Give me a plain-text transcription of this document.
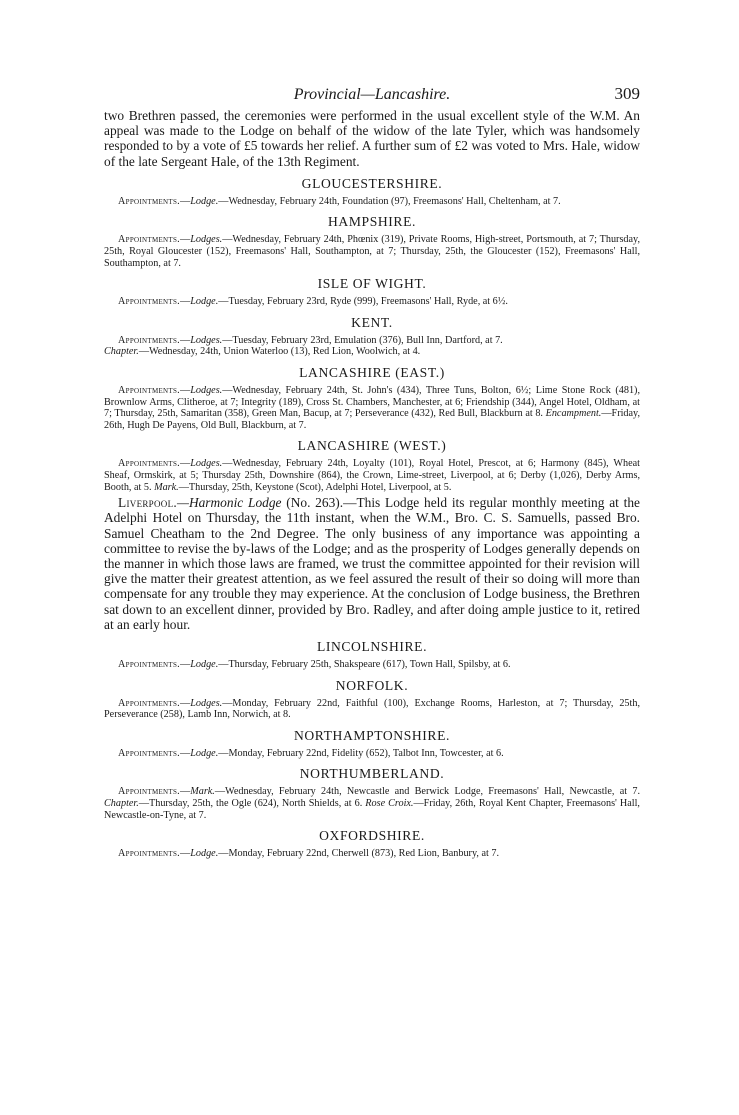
Provincial—Lancashire.	309

two Brethren passed, the ceremonies were performed in the usual excellent style of the W.M. An appeal was made to the Lodge on behalf of the widow of the late Tyler, which was handsomely responded to by a vote of £5 towards her relief. A further sum of £2 was voted to Mrs. Hale, widow of the late Sergeant Hale, of the 13th Regiment.

GLOUCESTERSHIRE.

Appointments.—Lodge.—Wednesday, February 24th, Foundation (97), Freemasons' Hall, Cheltenham, at 7.

HAMPSHIRE.

Appointments.—Lodges.—Wednesday, February 24th, Phœnix (319), Private Rooms, High-street, Portsmouth, at 7; Thursday, 25th, Royal Gloucester (152), Freemasons' Hall, Southampton, at 7; Thursday, 25th, the Gloucester (152), Freemasons' Hall, Southampton, at 7.

ISLE OF WIGHT.

Appointments.—Lodge.—Tuesday, February 23rd, Ryde (999), Freemasons' Hall, Ryde, at 6½.

KENT.

Appointments.—Lodges.—Tuesday, February 23rd, Emulation (376), Bull Inn, Dartford, at 7.
Chapter.—Wednesday, 24th, Union Waterloo (13), Red Lion, Woolwich, at 4.

LANCASHIRE (EAST.)

Appointments.—Lodges.—Wednesday, February 24th, St. John's (434), Three Tuns, Bolton, 6½; Lime Stone Rock (481), Brownlow Arms, Clitheroe, at 7; Integrity (189), Cross St. Chambers, Manchester, at 6; Friendship (344), Angel Hotel, Oldham, at 7; Thursday, 25th, Samaritan (358), Green Man, Bacup, at 7; Perseverance (432), Red Bull, Blackburn at 8. Encampment.—Friday, 26th, Hugh De Payens, Old Bull, Blackburn, at 7.

LANCASHIRE (WEST.)

Appointments.—Lodges.—Wednesday, February 24th, Loyalty (101), Royal Hotel, Prescot, at 6; Harmony (845), Wheat Sheaf, Ormskirk, at 5; Thursday 25th, Downshire (864), the Crown, Lime-street, Liverpool, at 6; Derby (1,026), Derby Arms, Booth, at 5. Mark.—Thursday, 25th, Keystone (Scot), Adelphi Hotel, Liverpool, at 5.

Liverpool.—Harmonic Lodge (No. 263).—This Lodge held its regular monthly meeting at the Adelphi Hotel on Thursday, the 11th instant, when the W.M., Bro. C. S. Samuells, passed Bro. Samuel Cheatham to the 2nd Degree. The only business of any importance was appointing a committee to revise the by-laws of the Lodge; and as the prosperity of Lodges generally depends on the manner in which those laws are framed, we trust the committee appointed for their revision will give the matter their greatest attention, as we feel assured the result of their so doing will more than compensate for any trouble they may experience. At the conclusion of Lodge business, the Brethren sat down to an excellent dinner, provided by Bro. Radley, and after doing ample justice to it, retired at an early hour.

LINCOLNSHIRE.

Appointments.—Lodge.—Thursday, February 25th, Shakspeare (617), Town Hall, Spilsby, at 6.

NORFOLK.

Appointments.—Lodges.—Monday, February 22nd, Faithful (100), Exchange Rooms, Harleston, at 7; Thursday, 25th, Perseverance (258), Lamb Inn, Norwich, at 8.

NORTHAMPTONSHIRE.

Appointments.—Lodge.—Monday, February 22nd, Fidelity (652), Talbot Inn, Towcester, at 6.

NORTHUMBERLAND.

Appointments.—Mark.—Wednesday, February 24th, Newcastle and Berwick Lodge, Freemasons' Hall, Newcastle, at 7. Chapter.—Thursday, 25th, the Ogle (624), North Shields, at 6. Rose Croix.—Friday, 26th, Royal Kent Chapter, Freemasons' Hall, Newcastle-on-Tyne, at 7.

OXFORDSHIRE.

Appointments.—Lodge.—Monday, February 22nd, Cherwell (873), Red Lion, Banbury, at 7.
